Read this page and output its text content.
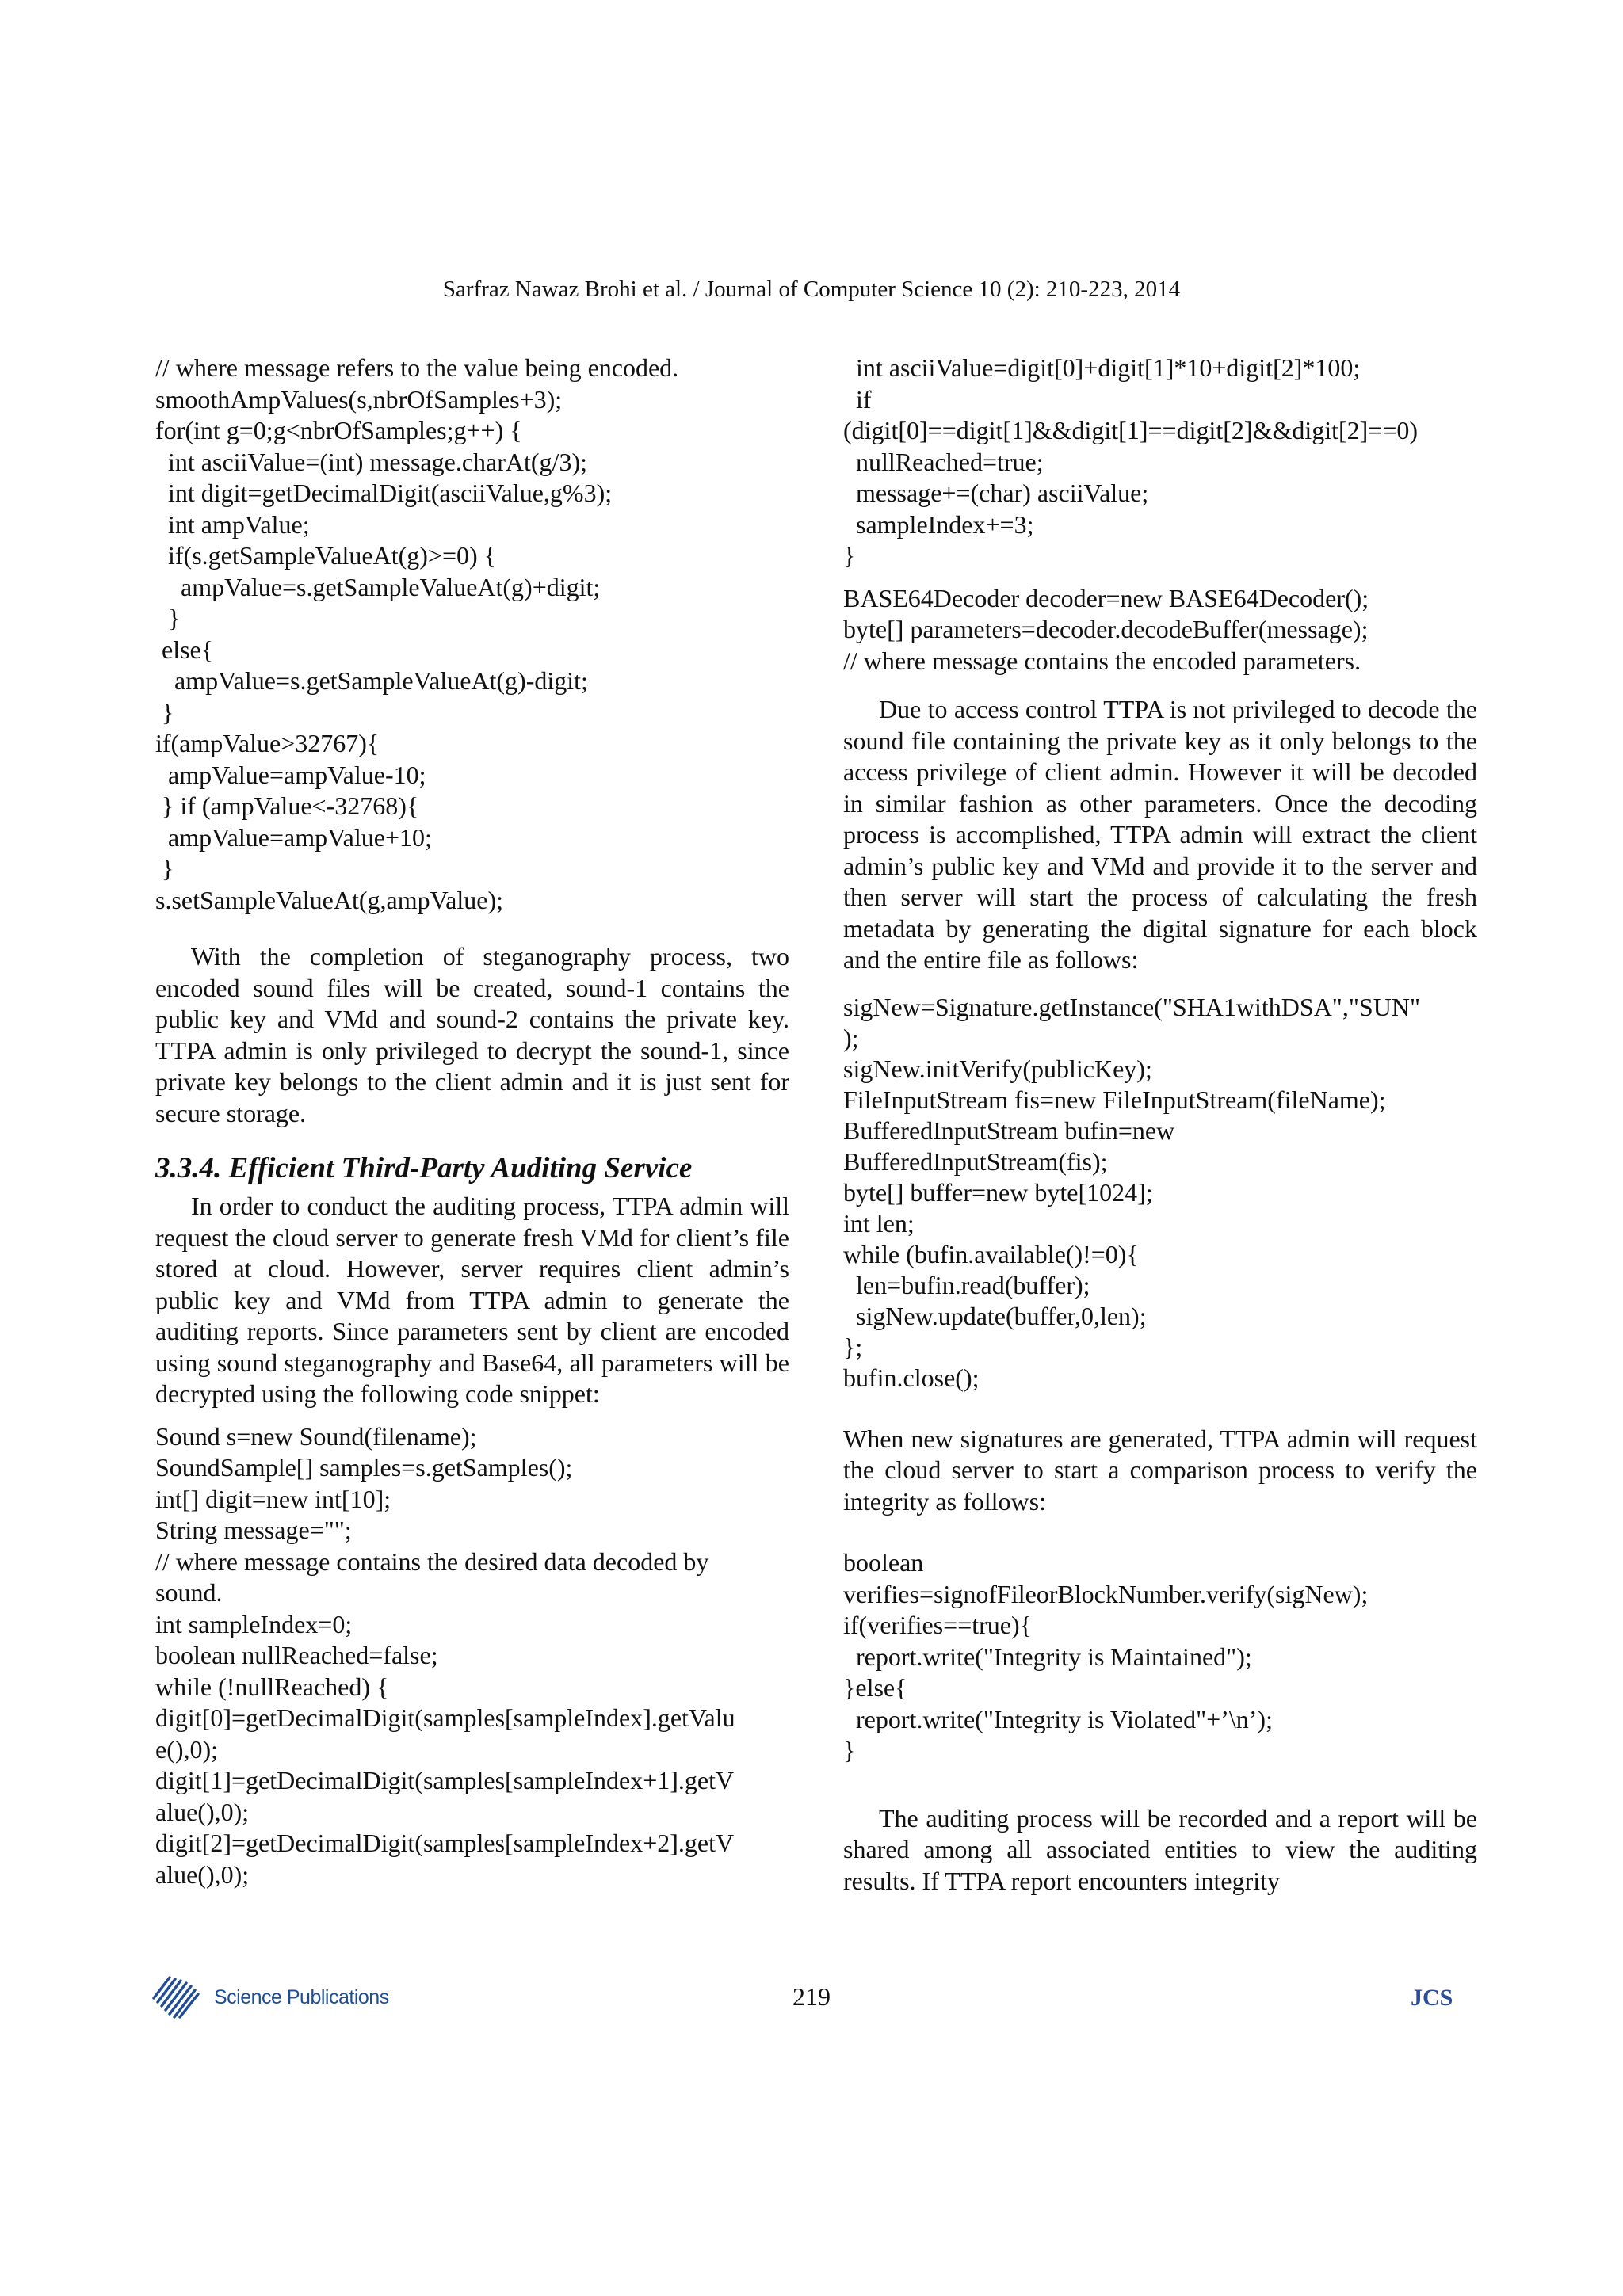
Sarfraz Nawaz Brohi et al. / Journal of Computer Science 10 (2): 210-223, 2014
// where message refers to the value being encoded.
smoothAmpValues(s,nbrOfSamples+3);
for(int g=0;g<nbrOfSamples;g++) {
int asciiValue=(int) message.charAt(g/3);
int digit=getDecimalDigit(asciiValue,g%3);
int ampValue;
if(s.getSampleValueAt(g)>=0) {
ampValue=s.getSampleValueAt(g)+digit;
}
else{
ampValue=s.getSampleValueAt(g)-digit;
}
if(ampValue>32767){
ampValue=ampValue-10;
} if (ampValue<-32768){
ampValue=ampValue+10;
}
s.setSampleValueAt(g,ampValue);

With the completion of steganography process, two encoded sound files will be created, sound-1 contains the public key and VMd and sound-2 contains the private key. TTPA admin is only privileged to decrypt the sound-1, since private key belongs to the client admin and it is just sent for secure storage.

3.3.4. Efficient Third-Party Auditing Service

In order to conduct the auditing process, TTPA admin will request the cloud server to generate fresh VMd for client’s file stored at cloud. However, server requires client admin’s public key and VMd from TTPA admin to generate the auditing reports. Since parameters sent by client are encoded using sound steganography and Base64, all parameters will be decrypted using the following code snippet:

Sound s=new Sound(filename);
SoundSample[] samples=s.getSamples();
int[] digit=new int[10];
String message="";
// where message contains the desired data decoded by
sound.
int sampleIndex=0;
boolean nullReached=false;
while (!nullReached) {
digit[0]=getDecimalDigit(samples[sampleIndex].getValu
e(),0);
digit[1]=getDecimalDigit(samples[sampleIndex+1].getV
alue(),0);
digit[2]=getDecimalDigit(samples[sampleIndex+2].getV
alue(),0);
int asciiValue=digit[0]+digit[1]*10+digit[2]*100;
if
(digit[0]==digit[1]&&digit[1]==digit[2]&&digit[2]==0)
nullReached=true;
message+=(char) asciiValue;
sampleIndex+=3;
}
BASE64Decoder decoder=new BASE64Decoder();
byte[] parameters=decoder.decodeBuffer(message);
// where message contains the encoded parameters.

Due to access control TTPA is not privileged to decode the sound file containing the private key as it only belongs to the access privilege of client admin. However it will be decoded in similar fashion as other parameters. Once the decoding process is accomplished, TTPA admin will extract the client admin’s public key and VMd and provide it to the server and then server will start the process of calculating the fresh metadata by generating the digital signature for each block and the entire file as follows:

sigNew=Signature.getInstance("SHA1withDSA","SUN"
);
sigNew.initVerify(publicKey);
FileInputStream fis=new FileInputStream(fileName);
BufferedInputStream bufin=new
BufferedInputStream(fis);
byte[] buffer=new byte[1024];
int len;
while (bufin.available()!=0){
len=bufin.read(buffer);
sigNew.update(buffer,0,len);
};
bufin.close();

When new signatures are generated, TTPA admin will request the cloud server to start a comparison process to verify the integrity as follows:

boolean
verifies=signofFileorBlockNumber.verify(sigNew);
if(verifies==true){
report.write("Integrity is Maintained");
}else{
report.write("Integrity is Violated"+’\n’);
}

The auditing process will be recorded and a report will be shared among all associated entities to view the auditing results. If TTPA report encounters integrity

Science Publications	219	JCS
